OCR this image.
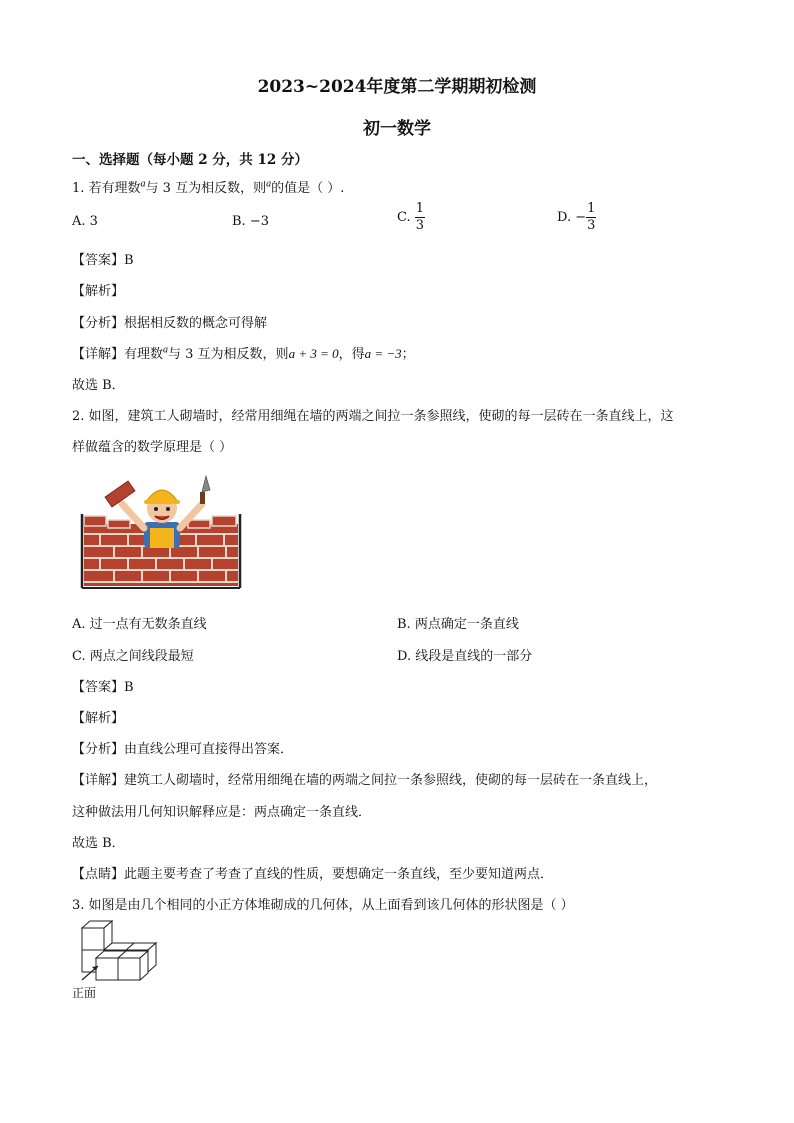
2023~2024年度第二学期期初检测
初一数学
一、选择题（每小题 2 分，共 12 分）
1. 若有理数$^a$与 3 互为相反数，则$^a$的值是（ ）.
A. 3	B. −3	C. $\frac{1}{3}$	D. − $\frac{1}{3}$
【答案】B
【解析】
【分析】根据相反数的概念可得解
【详解】有理数$^a$与 3 互为相反数，则a + 3 = 0，得a = −3；
故选 B．
2. 如图，建筑工人砌墙时，经常用细绳在墙的两端之间拉一条参照线，使砌的每一层砖在一条直线上，这
样做蕴含的数学原理是（ ）
A. 过一点有无数条直线	B. 两点确定一条直线
C. 两点之间线段最短	D. 线段是直线的一部分
【答案】B
【解析】
【分析】由直线公理可直接得出答案．
【详解】建筑工人砌墙时，经常用细绳在墙的两端之间拉一条参照线，使砌的每一层砖在一条直线上，
这种做法用几何知识解释应是：两点确定一条直线．
故选 B．
【点睛】此题主要考查了考查了直线的性质，要想确定一条直线，至少要知道两点．
3. 如图是由几个相同的小正方体堆砌成的几何体，从上面看到该几何体的形状图是（ ）
正面
